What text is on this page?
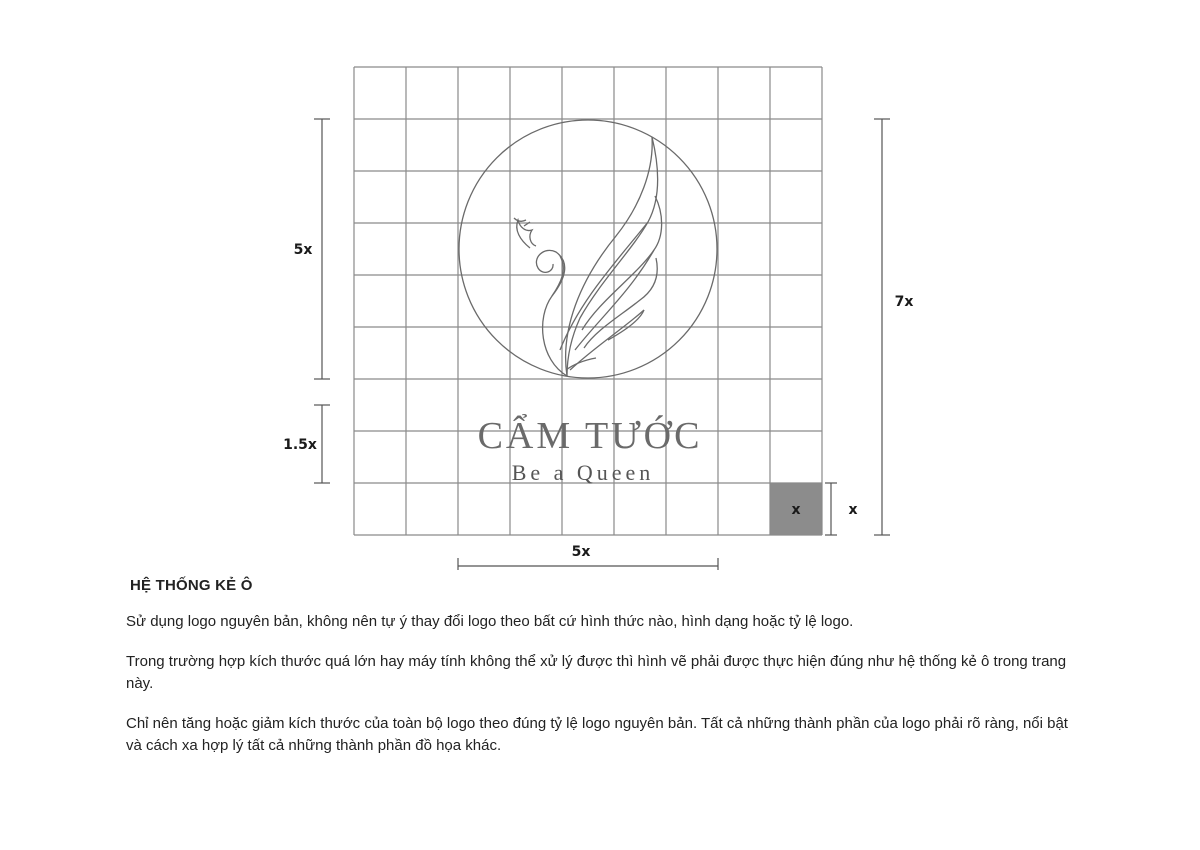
CẨM TƯỚC
Be a Queen
x
5x
1.5x
7x
x
5x
HỆ THỐNG KẺ Ô

Sử dụng logo nguyên bản, không nên tự ý thay đổi logo theo bất cứ hình thức nào, hình dạng hoặc tỷ lệ logo.

Trong trường hợp kích thước quá lớn hay máy tính không thể xử lý được thì hình vẽ phải được thực hiện đúng như hệ thống kẻ ô trong trang này.

Chỉ nên tăng hoặc giảm kích thước của toàn bộ logo theo đúng tỷ lệ logo nguyên bản. Tất cả những thành phần của logo phải rõ ràng, nổi bật và cách xa hợp lý tất cả những thành phần đồ họa khác.
